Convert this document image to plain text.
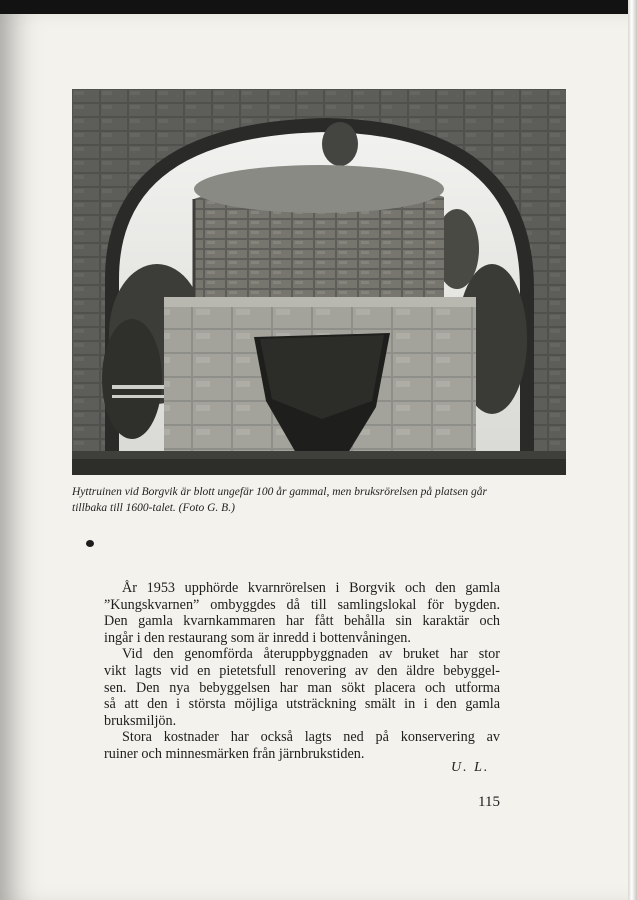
Hyttruinen vid Borgvik är blott ungefär 100 år gammal, men bruksrörelsen på platsen går
tillbaka till 1600-talet. (Foto G. B.)

År 1953 upphörde kvarnrörelsen i Borgvik och den gamla
”Kungskvarnen” ombyggdes då till samlingslokal för bygden.
Den gamla kvarnkammaren har fått behålla sin karaktär och
ingår i den restaurang som är inredd i bottenvåningen.

Vid den genomförda återuppbyggnaden av bruket har stor
vikt lagts vid en pietetsfull renovering av den äldre bebyggel-
sen. Den nya bebyggelsen har man sökt placera och utforma
så att den i största möjliga utsträckning smält in i den gamla
bruksmiljön.

Stora kostnader har också lagts ned på konservering av
ruiner och minnesmärken från järnbrukstiden.

U. L.
115
